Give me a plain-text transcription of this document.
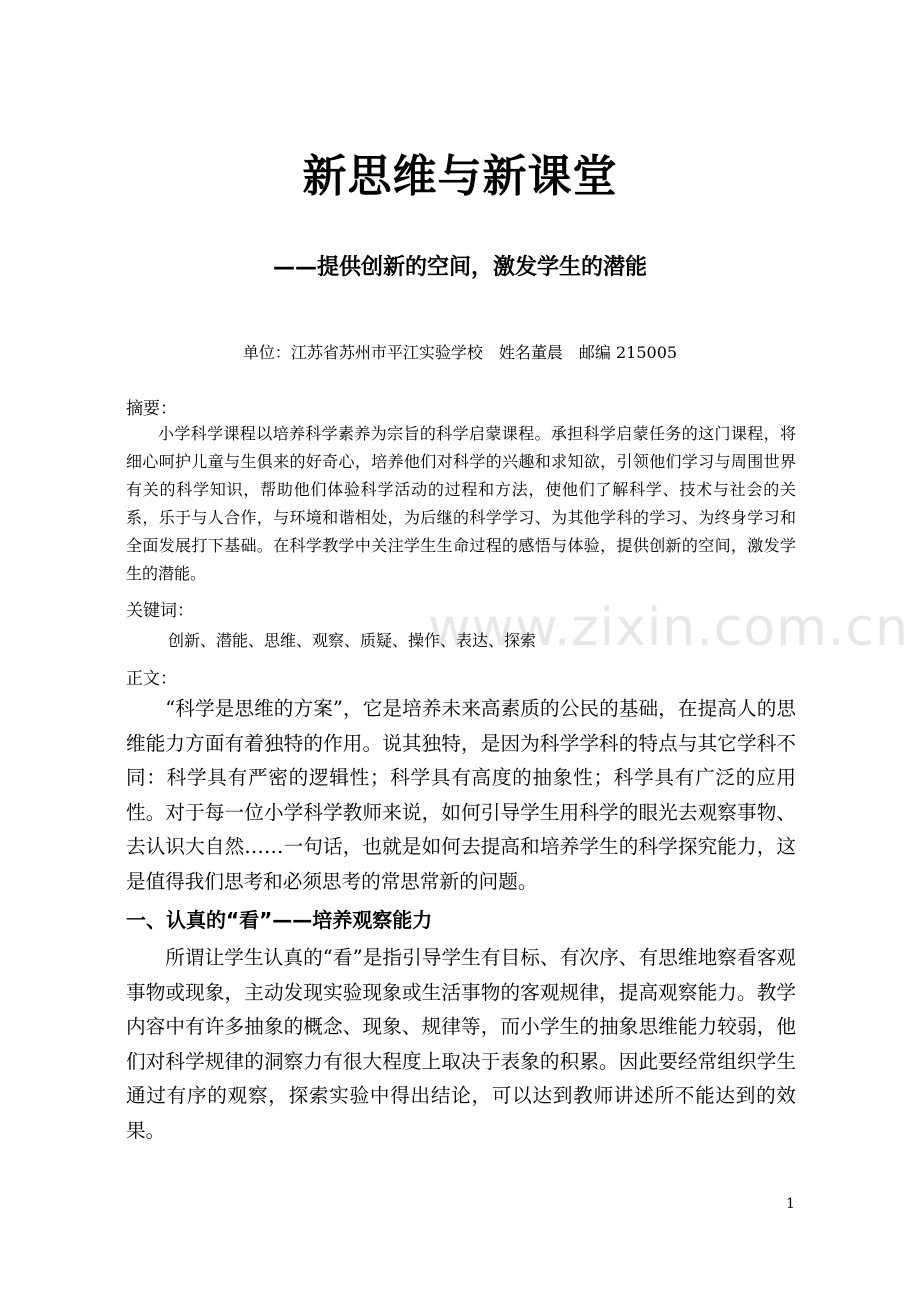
新思维与新课堂
——提供创新的空间，激发学生的潜能
单位：江苏省苏州市平江实验学校　姓名董晨　邮编 215005
摘要：

小学科学课程以培养科学素养为宗旨的科学启蒙课程。承担科学启蒙任务的这门课程，将细心呵护儿童与生俱来的好奇心，培养他们对科学的兴趣和求知欲，引领他们学习与周围世界有关的科学知识，帮助他们体验科学活动的过程和方法，使他们了解科学、技术与社会的关系，乐于与人合作，与环境和谐相处，为后继的科学学习、为其他学科的学习、为终身学习和全面发展打下基础。在科学教学中关注学生生命过程的感悟与体验，提供创新的空间，激发学生的潜能。

关键词：	www.zixin.com.cn
创新、潜能、思维、观察、质疑、操作、表达、探索
正文：

“科学是思维的方案”，它是培养未来高素质的公民的基础，在提高人的思维能力方面有着独特的作用。说其独特，是因为科学学科的特点与其它学科不同：科学具有严密的逻辑性；科学具有高度的抽象性；科学具有广泛的应用性。对于每一位小学科学教师来说，如何引导学生用科学的眼光去观察事物、去认识大自然……一句话，也就是如何去提高和培养学生的科学探究能力，这是值得我们思考和必须思考的常思常新的问题。

一、认真的“看”——培养观察能力

所谓让学生认真的“看”是指引导学生有目标、有次序、有思维地察看客观事物或现象，主动发现实验现象或生活事物的客观规律，提高观察能力。教学内容中有许多抽象的概念、现象、规律等，而小学生的抽象思维能力较弱，他们对科学规律的洞察力有很大程度上取决于表象的积累。因此要经常组织学生通过有序的观察，探索实验中得出结论，可以达到教师讲述所不能达到的效果。

1
